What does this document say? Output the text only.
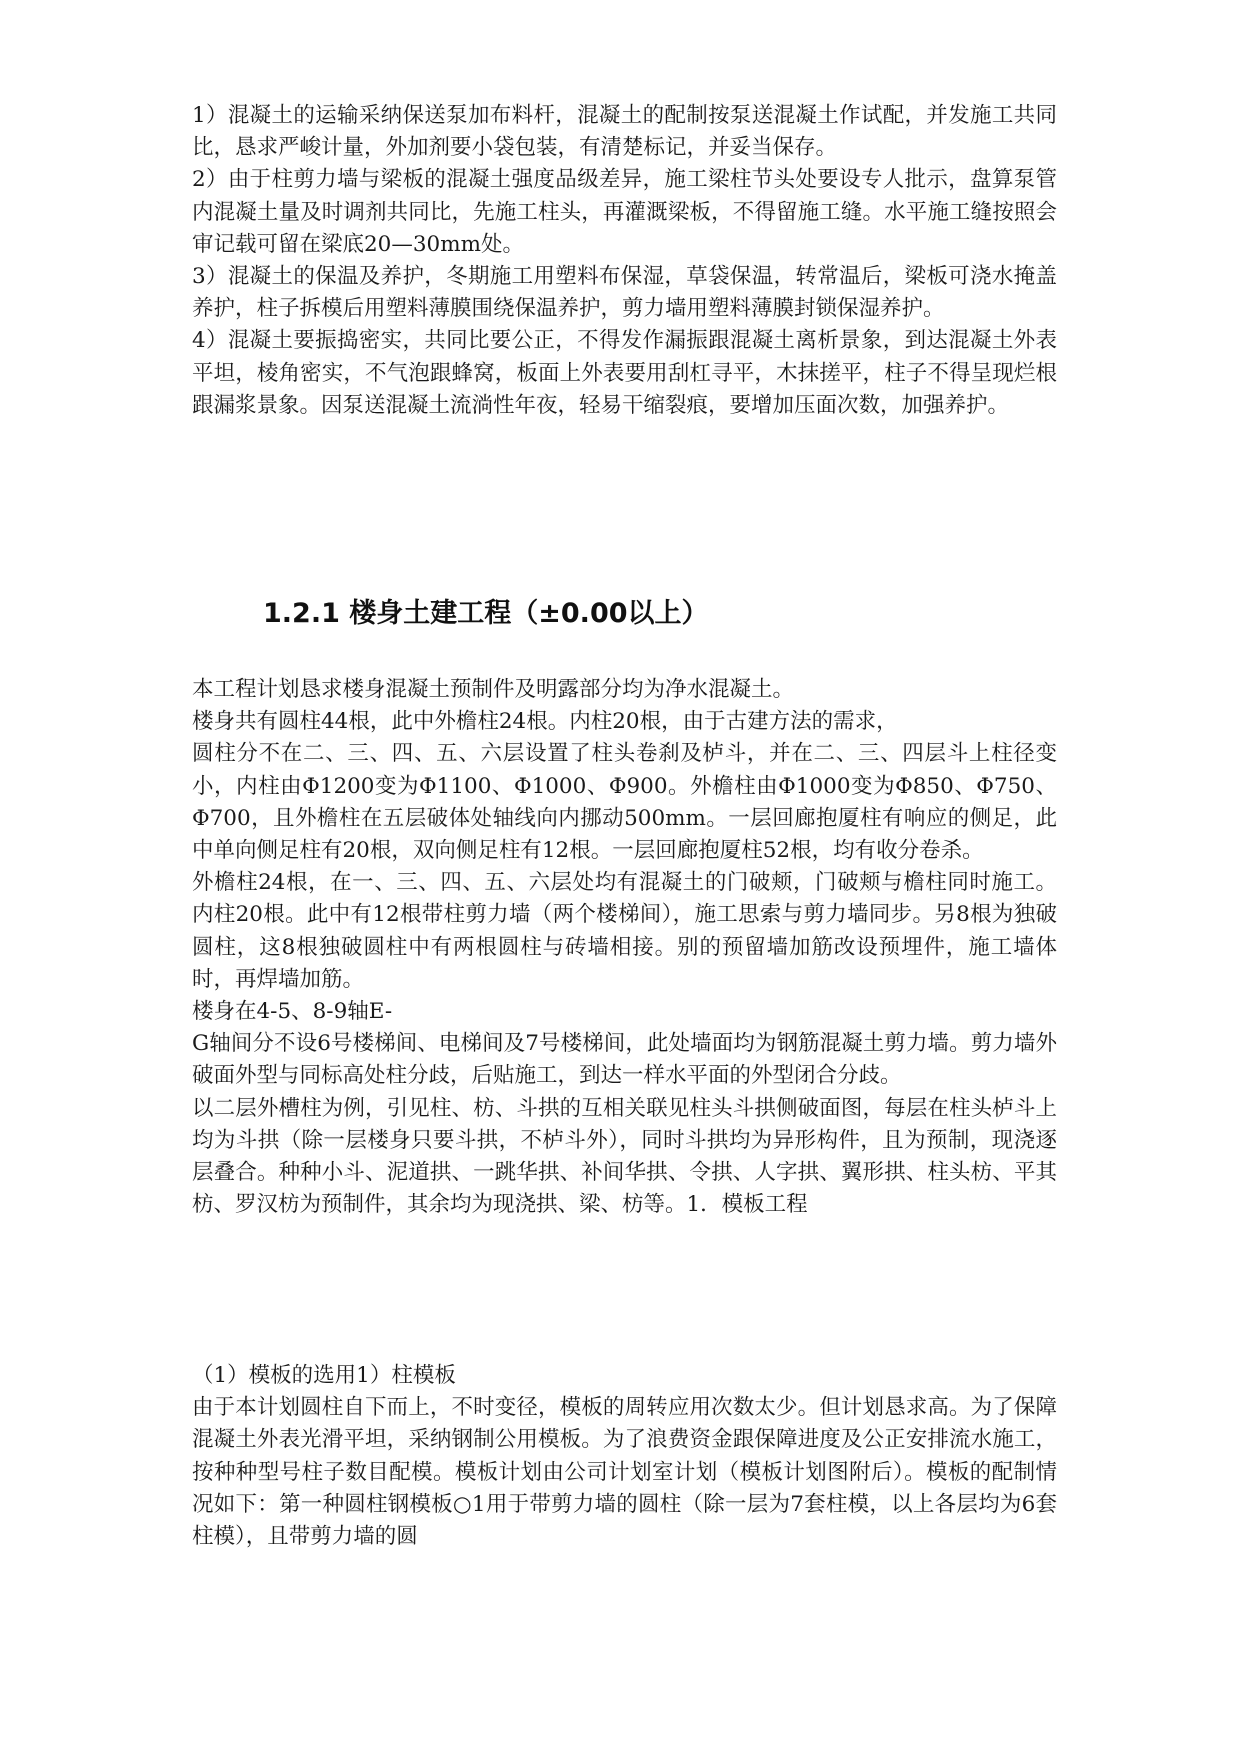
1）混凝土的运输采纳保送泵加布料杆，混凝土的配制按泵送混凝土作试配，并发施工共同比，恳求严峻计量，外加剂要小袋包装，有清楚标记，并妥当保存。

2）由于柱剪力墙与梁板的混凝土强度品级差异，施工梁柱节头处要设专人批示，盘算泵管内混凝土量及时调剂共同比，先施工柱头，再灌溉梁板，不得留施工缝。水平施工缝按照会审记载可留在梁底20—30mm处。

3）混凝土的保温及养护，冬期施工用塑料布保湿，草袋保温，转常温后，梁板可浇水掩盖养护，柱子拆模后用塑料薄膜围绕保温养护，剪力墙用塑料薄膜封锁保湿养护。

4）混凝土要振捣密实，共同比要公正，不得发作漏振跟混凝土离析景象，到达混凝土外表平坦，棱角密实，不气泡跟蜂窝，板面上外表要用刮杠寻平，木抹搓平，柱子不得呈现烂根跟漏浆景象。因泵送混凝土流淌性年夜，轻易干缩裂痕，要增加压面次数，加强养护。

1.2.1 楼身土建工程（±0.00以上）

本工程计划恳求楼身混凝土预制件及明露部分均为净水混凝土。

楼身共有圆柱44根，此中外檐柱24根。内柱20根，由于古建方法的需求，

圆柱分不在二、三、四、五、六层设置了柱头卷刹及栌斗，并在二、三、四层斗上柱径变小，内柱由Φ1200变为Φ1100、Φ1000、Φ900。外檐柱由Φ1000变为Φ850、Φ750、Φ700，且外檐柱在五层破体处轴线向内挪动500mm。一层回廊抱厦柱有响应的侧足，此中单向侧足柱有20根，双向侧足柱有12根。一层回廊抱厦柱52根，均有收分卷杀。

外檐柱24根，在一、三、四、五、六层处均有混凝土的门破颊，门破颊与檐柱同时施工。内柱20根。此中有12根带柱剪力墙（两个楼梯间），施工思索与剪力墙同步。另8根为独破圆柱，这8根独破圆柱中有两根圆柱与砖墙相接。别的预留墙加筋改设预埋件，施工墙体时，再焊墙加筋。

楼身在4-5、8-9轴E-

G轴间分不设6号楼梯间、电梯间及7号楼梯间，此处墙面均为钢筋混凝土剪力墙。剪力墙外破面外型与同标高处柱分歧，后贴施工，到达一样水平面的外型闭合分歧。

以二层外槽柱为例，引见柱、枋、斗拱的互相关联见柱头斗拱侧破面图，每层在柱头栌斗上均为斗拱（除一层楼身只要斗拱，不栌斗外），同时斗拱均为异形构件，且为预制，现浇逐层叠合。种种小斗、泥道拱、一跳华拱、补间华拱、令拱、人字拱、翼形拱、柱头枋、平其枋、罗汉枋为预制件，其余均为现浇拱、梁、枋等。1．模板工程

（1）模板的选用1）柱模板

由于本计划圆柱自下而上，不时变径，模板的周转应用次数太少。但计划恳求高。为了保障混凝土外表光滑平坦，采纳钢制公用模板。为了浪费资金跟保障进度及公正安排流水施工，按种种型号柱子数目配模。模板计划由公司计划室计划（模板计划图附后）。模板的配制情况如下：第一种圆柱钢模板○1用于带剪力墙的圆柱（除一层为7套柱模，以上各层均为6套柱模），且带剪力墙的圆
